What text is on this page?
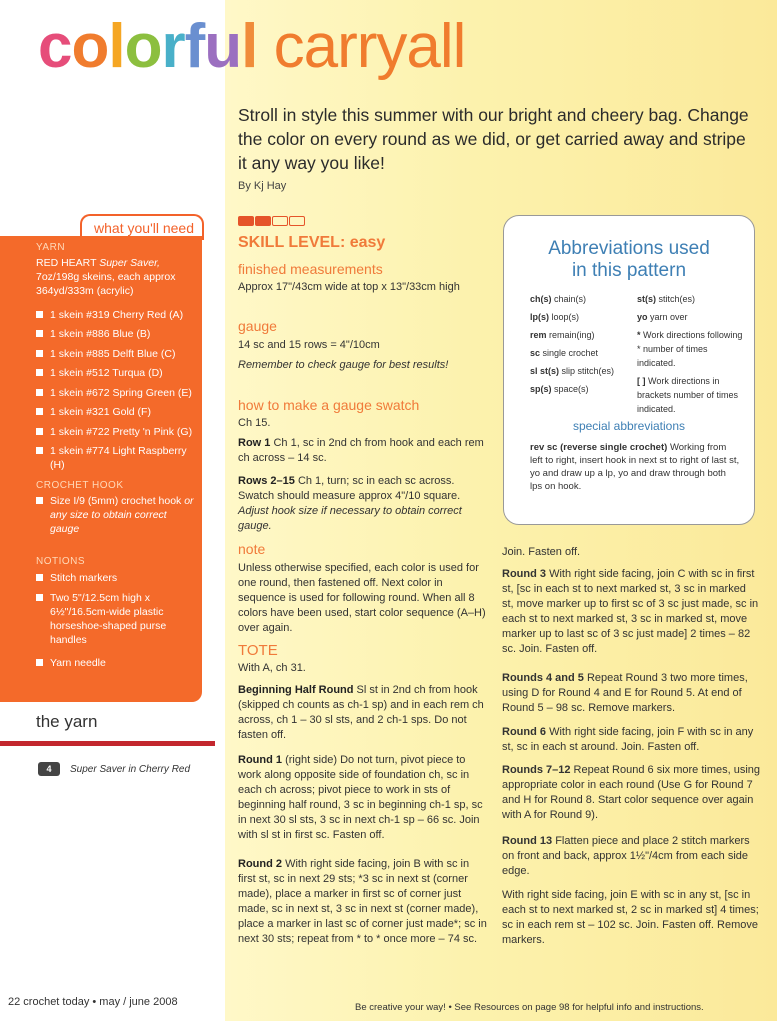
colorful carryall
Stroll in style this summer with our bright and cheery bag. Change the color on every round as we did, or get carried away and stripe it any way you like!
By Kj Hay
what you'll need
YARN
RED HEART Super Saver, 7oz/198g skeins, each approx 364yd/333m (acrylic)
1 skein #319 Cherry Red (A)
1 skein #886 Blue (B)
1 skein #885 Delft Blue (C)
1 skein #512 Turqua (D)
1 skein #672 Spring Green (E)
1 skein #321 Gold (F)
1 skein #722 Pretty 'n Pink (G)
1 skein #774 Light Raspberry (H)
CROCHET HOOK
Size I/9 (5mm) crochet hook or any size to obtain correct gauge
NOTIONS
Stitch markers
Two 5"/12.5cm high x 6½"/16.5cm-wide plastic horseshoe-shaped purse handles
Yarn needle
the yarn
4	Super Saver in Cherry Red
SKILL LEVEL: easy
finished measurements
Approx 17"/43cm wide at top x 13"/33cm high
gauge
14 sc and 15 rows = 4"/10cm
Remember to check gauge for best results!
how to make a gauge swatch
Ch 15.
Row 1 Ch 1, sc in 2nd ch from hook and each rem ch across – 14 sc.
Rows 2–15 Ch 1, turn; sc in each sc across. Swatch should measure approx 4"/10 square. Adjust hook size if necessary to obtain correct gauge.
note
Unless otherwise specified, each color is used for one round, then fastened off. Next color in sequence is used for following round. When all 8 colors have been used, start color sequence (A–H) over again.
TOTE
With A, ch 31.
Beginning Half Round Sl st in 2nd ch from hook (skipped ch counts as ch-1 sp) and in each rem ch across, ch 1 – 30 sl sts, and 2 ch-1 sps. Do not fasten off.
Round 1 (right side) Do not turn, pivot piece to work along opposite side of foundation ch, sc in each ch across; pivot piece to work in sts of beginning half round, 3 sc in beginning ch-1 sp, sc in next 30 sl sts, 3 sc in next ch-1 sp – 66 sc. Join with sl st in first sc. Fasten off.
Round 2 With right side facing, join B with sc in first st, sc in next 29 sts; *3 sc in next st (corner made), place a marker in first sc of corner just made, sc in next st, 3 sc in next st (corner made), place a marker in last sc of corner just made*; sc in next 30 sts; repeat from * to * once more – 74 sc.
Abbreviations used
in this pattern
ch(s) chain(s)
lp(s) loop(s)
rem remain(ing)
sc single crochet
sl st(s) slip stitch(es)
sp(s) space(s)
st(s) stitch(es)
yo yarn over
* Work directions following * number of times indicated.
[ ] Work directions in brackets number of times indicated.
special abbreviations
rev sc (reverse single crochet) Working from left to right, insert hook in next st to right of last st, yo and draw up a lp, yo and draw through both lps on hook.
Join. Fasten off.
Round 3 With right side facing, join C with sc in first st, [sc in each st to next marked st, 3 sc in marked st, move marker up to first sc of 3 sc just made, sc in each st to next marked st, 3 sc in marked st, move marker up to last sc of 3 sc just made] 2 times – 82 sc. Join. Fasten off.
Rounds 4 and 5 Repeat Round 3 two more times, using D for Round 4 and E for Round 5. At end of Round 5 – 98 sc. Remove markers.
Round 6 With right side facing, join F with sc in any st, sc in each st around. Join. Fasten off.
Rounds 7–12 Repeat Round 6 six more times, using appropriate color in each round (Use G for Round 7 and H for Round 8. Start color sequence over again with A for Round 9).
Round 13 Flatten piece and place 2 stitch markers on front and back, approx 1½"/4cm from each side edge.
With right side facing, join E with sc in any st, [sc in each st to next marked st, 2 sc in marked st] 4 times; sc in each rem st – 102 sc. Join. Fasten off. Remove markers.
22 crochet today • may / june 2008	Be creative your way! • See Resources on page 98 for helpful info and instructions.
